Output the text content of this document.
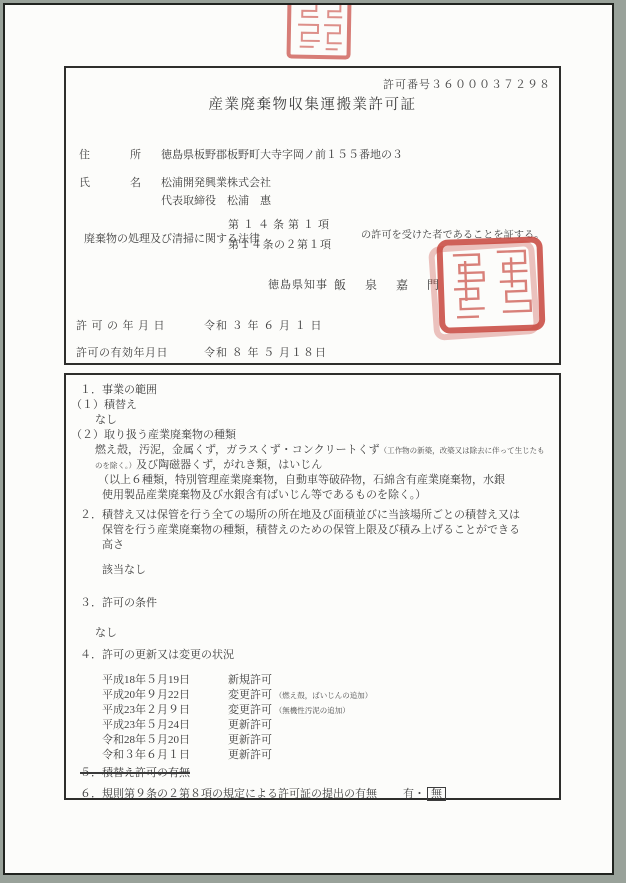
許可番号３６０００３７２９８
産業廃棄物収集運搬業許可証
住　　所 徳島県板野郡板野町大寺字岡ノ前１５５番地の３
氏　　名 松浦開発興業株式会社
代表取締役　松浦　惠
廃棄物の処理及び清掃に関する法律
第１４条第１項
第１４条の２第１項
の許可を受けた者であることを証する。
徳島県知事 飯 泉 嘉 門
許可の年月日	令和 ３ 年 ６ 月 １ 日
許可の有効年月日	令和 ８ 年 ５ 月１８日
１．事業の範囲
（１）積替え
なし
（２）取り扱う産業廃棄物の種類
燃え殻，汚泥，金属くず，ガラスくず・コンクリートくず（工作物の新築，改築又は除去に伴って生じたも
のを除く。）及び陶磁器くず，がれき類，はいじん
（以上６種類，特別管理産業廃棄物，自動車等破砕物，石綿含有産業廃棄物，水銀
使用製品産業廃棄物及び水銀含有ばいじん等であるものを除く。）
２． 積替え又は保管を行う全ての場所の所在地及び面積並びに当該場所ごとの積替え又は保管を行う産業廃棄物の種類，積替えのための保管上限及び積み上げることができる高さ
該当なし
３．許可の条件
なし
４．許可の更新又は変更の状況
平成18年５月19日	新規許可
平成20年９月22日	変更許可 （燃え殻，ばいじんの追加）
平成23年２月９日	変更許可 （無機性汚泥の追加）
平成23年５月24日	更新許可
令和28年５月20日	更新許可
令和３年６月１日	更新許可
５．積替え許可の有無
６．規則第９条の２第８項の規定による許可証の提出の有無 有・ 無
